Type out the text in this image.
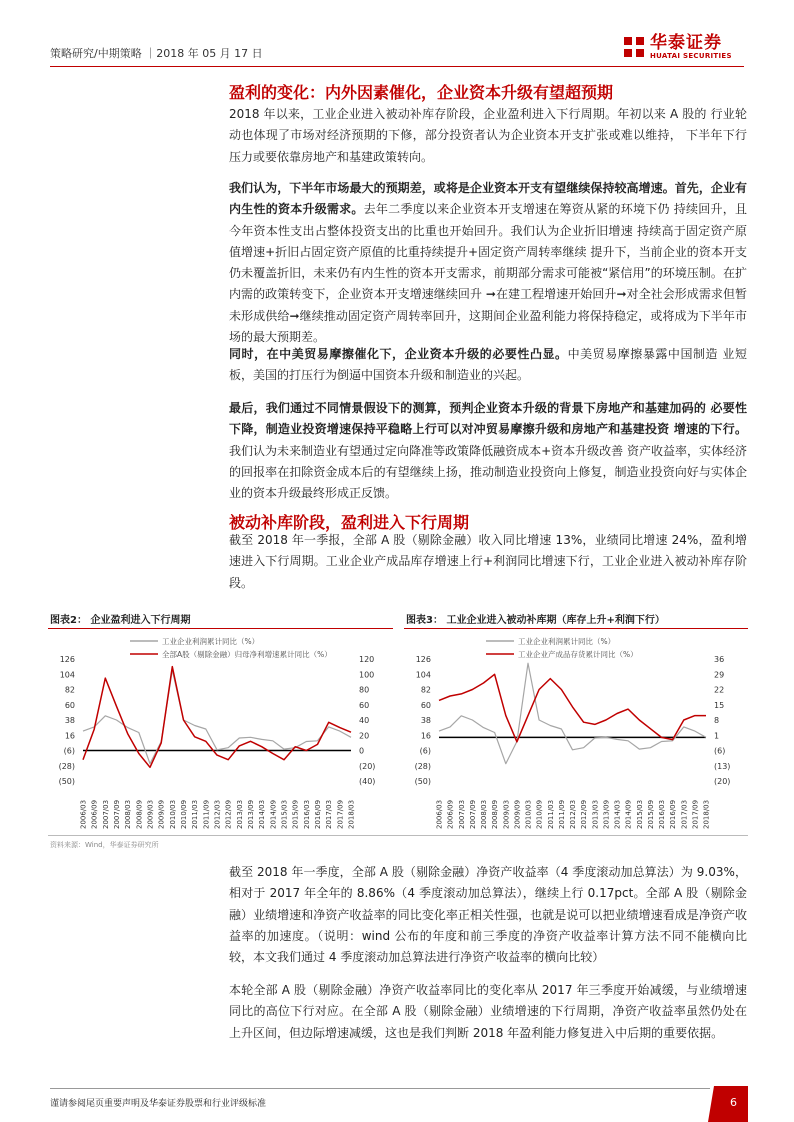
策略研究/中期策略 ｜2018 年 05 月 17 日
华泰证券
HUATAI SECURITIES
盈利的变化：内外因素催化，企业资本升级有望超预期
2018 年以来，工业企业进入被动补库存阶段，企业盈利进入下行周期。年初以来 A 股的 行业轮动也体现了市场对经济预期的下修，部分投资者认为企业资本开支扩张或难以维持， 下半年下行压力或要依靠房地产和基建政策转向。
我们认为，下半年市场最大的预期差，或将是企业资本开支有望继续保持较高增速。首先，企业有内生性的资本升级需求。去年二季度以来企业资本开支增速在筹资从紧的环境下仍 持续回升，且今年资本性支出占整体投资支出的比重也开始回升。我们认为企业折旧增速 持续高于固定资产原值增速+折旧占固定资产原值的比重持续提升+固定资产周转率继续 提升下，当前企业的资本开支仍未覆盖折旧，未来仍有内生性的资本开支需求，前期部分需求可能被“紧信用”的环境压制。在扩内需的政策转变下，企业资本开支增速继续回升 ➞在建工程增速开始回升➞对全社会形成需求但暂未形成供给➞继续推动固定资产周转率回升，这期间企业盈利能力将保持稳定，或将成为下半年市场的最大预期差。
同时，在中美贸易摩擦催化下，企业资本升级的必要性凸显。中美贸易摩擦暴露中国制造 业短板，美国的打压行为倒逼中国资本升级和制造业的兴起。
最后，我们通过不同情景假设下的测算，预判企业资本升级的背景下房地产和基建加码的 必要性下降，制造业投资增速保持平稳略上行可以对冲贸易摩擦升级和房地产和基建投资 增速的下行。我们认为未来制造业有望通过定向降准等政策降低融资成本+资本升级改善 资产收益率，实体经济的回报率在扣除资金成本后的有望继续上扬，推动制造业投资向上修复，制造业投资向好与实体企业的资本升级最终形成正反馈。
被动补库阶段，盈利进入下行周期
截至 2018 年一季报，全部 A 股（剔除金融）收入同比增速 13%，业绩同比增速 24%，盈利增速进入下行周期。工业企业产成品库存增速上行+利润同比增速下行，工业企业进入被动补库存阶段。
图表2： 企业盈利进入下行周期	图表3： 工业企业进入被动补库期（库存上升+利润下行）
工业企业利润累计同比（%）
全部A股（剔除金融）归母净利增速累计同比（%）
126
104
82
60
38
16
(6)
(28)
(50)
120
100
80
60
40
20
0
(20)
(40)
2006/03 2006/09 2007/03 2007/09 2008/03 2008/09 2009/03 2009/09 2010/03 2010/09 2011/03 2011/09 2012/03 2012/09 2013/03 2013/09 2014/03 2014/09 2015/03 2015/09 2016/03 2016/09 2017/03 2017/09 2018/03
工业企业利润累计同比（%）
工业企业产成品存货累计同比（%）
126
104
82
60
38
16
(6)
(28)
(50)
36
29
22
15
8
1
(6)
(13)
(20)
2006/03 2006/09 2007/03 2007/09 2008/03 2008/09 2009/03 2009/09 2010/03 2010/09 2011/03 2011/09 2012/03 2012/09 2013/03 2013/09 2014/03 2014/09 2015/03 2015/09 2016/03 2016/09 2017/03 2017/09 2018/03
资料来源：Wind，华泰证券研究所
截至 2018 年一季度，全部 A 股（剔除金融）净资产收益率（4 季度滚动加总算法）为 9.03%，相对于 2017 年全年的 8.86%（4 季度滚动加总算法），继续上行 0.17pct。全部 A 股（剔除金融）业绩增速和净资产收益率的同比变化率正相关性强，也就是说可以把业绩增速看成是净资产收益率的加速度。（说明：wind 公布的年度和前三季度的净资产收益率计算方法不同不能横向比较，本文我们通过 4 季度滚动加总算法进行净资产收益率的横向比较）
本轮全部 A 股（剔除金融）净资产收益率同比的变化率从 2017 年三季度开始减缓，与业绩增速同比的高位下行对应。在全部 A 股（剔除金融）业绩增速的下行周期，净资产收益率虽然仍处在上升区间，但边际增速减缓，这也是我们判断 2018 年盈利能力修复进入中后期的重要依据。
谨请参阅尾页重要声明及华泰证券股票和行业评级标准	6
